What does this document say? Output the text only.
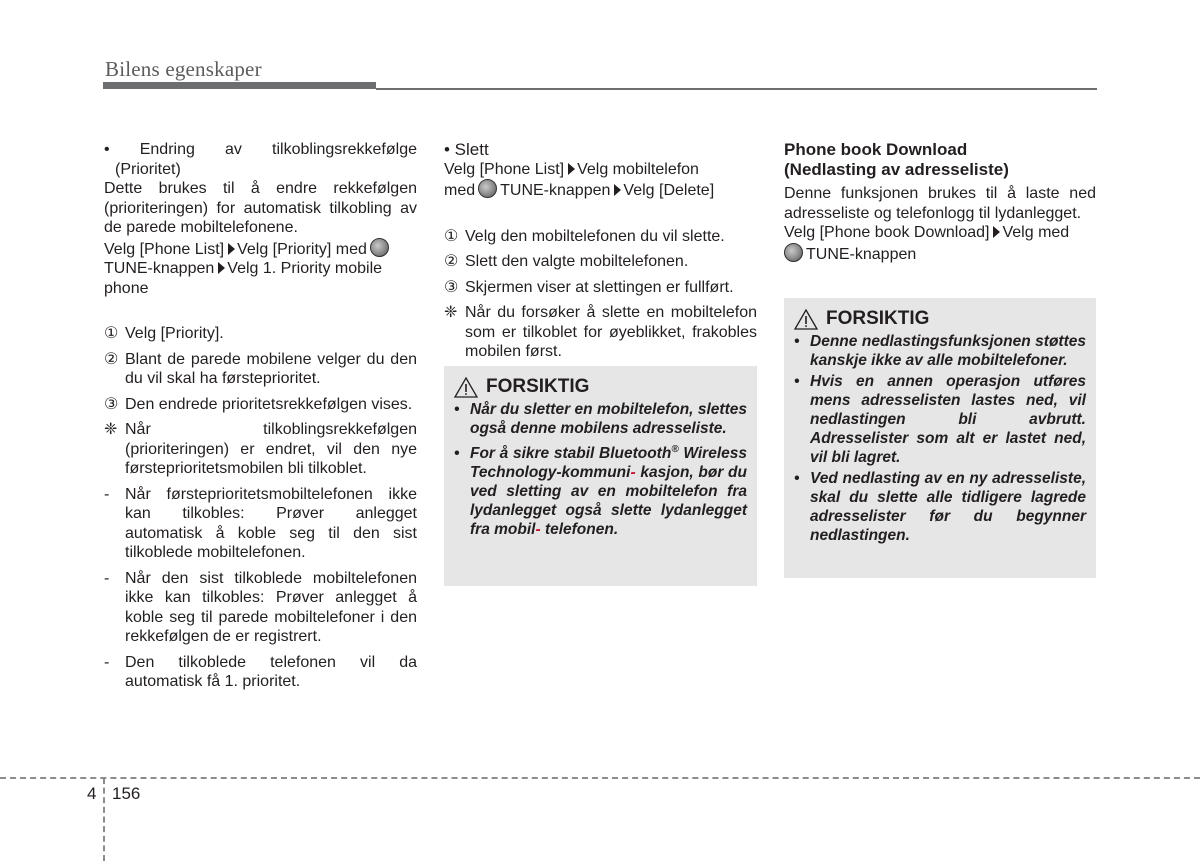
Bilens egenskaper

• Endring av tilkoblingsrekkefølge

(Prioritet)

Dette brukes til å endre rekkefølgen (prioriteringen) for automatisk tilkobling av de parede mobiltelefonene.

Velg [Phone List] Velg [Priority] med
TUNE-knappen Velg 1. Priority mobile phone

① Velg [Priority].

② Blant de parede mobilene velger du den du vil skal ha førsteprioritet.

③ Den endrede prioritetsrekkefølgen vises.

❈ Når tilkoblingsrekkefølgen (prioriteringen) er endret, vil den nye førsteprioritetsmobilen bli tilkoblet.

- Når førsteprioritetsmobiltelefonen ikke kan tilkobles: Prøver anlegget automatisk å koble seg til den sist tilkoblede mobiltelefonen.

- Når den sist tilkoblede mobiltelefonen ikke kan tilkobles: Prøver anlegget å koble seg til parede mobiltelefoner i den rekkefølgen de er registrert.

- Den tilkoblede telefonen vil da automatisk få 1. prioritet.

• Slett

Velg [Phone List] Velg mobiltelefon
med TUNE-knappen Velg [Delete]

① Velg den mobiltelefonen du vil slette.

② Slett den valgte mobiltelefonen.

③ Skjermen viser at slettingen er fullført.

❈ Når du forsøker å slette en mobiltelefon som er tilkoblet for øyeblikket, frakobles mobilen først.

FORSIKTIG

• Når du sletter en mobiltelefon, slettes også denne mobilens adresseliste.

• For å sikre stabil Bluetooth® Wireless Technology-kommuni- kasjon, bør du ved sletting av en mobiltelefon fra lydanlegget også slette lydanlegget fra mobil- telefonen.

Phone book Download

(Nedlasting av adresseliste)

Denne funksjonen brukes til å laste ned adresseliste og telefonlogg til lydanlegget.

Velg [Phone book Download] Velg med
TUNE-knappen

FORSIKTIG

• Denne nedlastingsfunksjonen støttes kanskje ikke av alle mobiltelefoner.

• Hvis en annen operasjon utføres mens adresselisten lastes ned, vil nedlastingen bli avbrutt. Adresselister som alt er lastet ned, vil bli lagret.

• Ved nedlasting av en ny adresseliste, skal du slette alle tidligere lagrede adresselister før du begynner nedlastingen.

4 156
